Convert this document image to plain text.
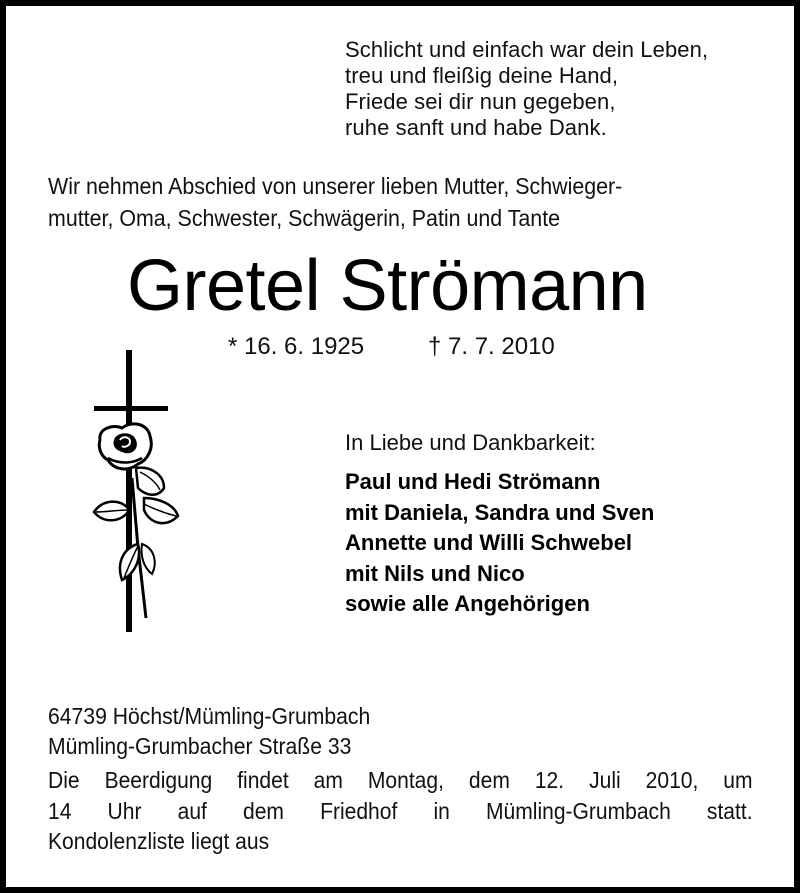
Schlicht und einfach war dein Leben,
treu und fleißig deine Hand,
Friede sei dir nun gegeben,
ruhe sanft und habe Dank.
Wir nehmen Abschied von unserer lieben Mutter, Schwieger-
mutter, Oma, Schwester, Schwägerin, Patin und Tante
Gretel Strömann
* 16. 6. 1925	† 7. 7. 2010
In Liebe und Dankbarkeit:
Paul und Hedi Strömann
mit Daniela, Sandra und Sven
Annette und Willi Schwebel
mit Nils und Nico
sowie alle Angehörigen
64739 Höchst/Mümling-Grumbach
Mümling-Grumbacher Straße 33
Die Beerdigung findet am Montag, dem 12. Juli 2010, um
14 Uhr auf dem Friedhof in Mümling-Grumbach statt.
Kondolenzliste liegt aus
